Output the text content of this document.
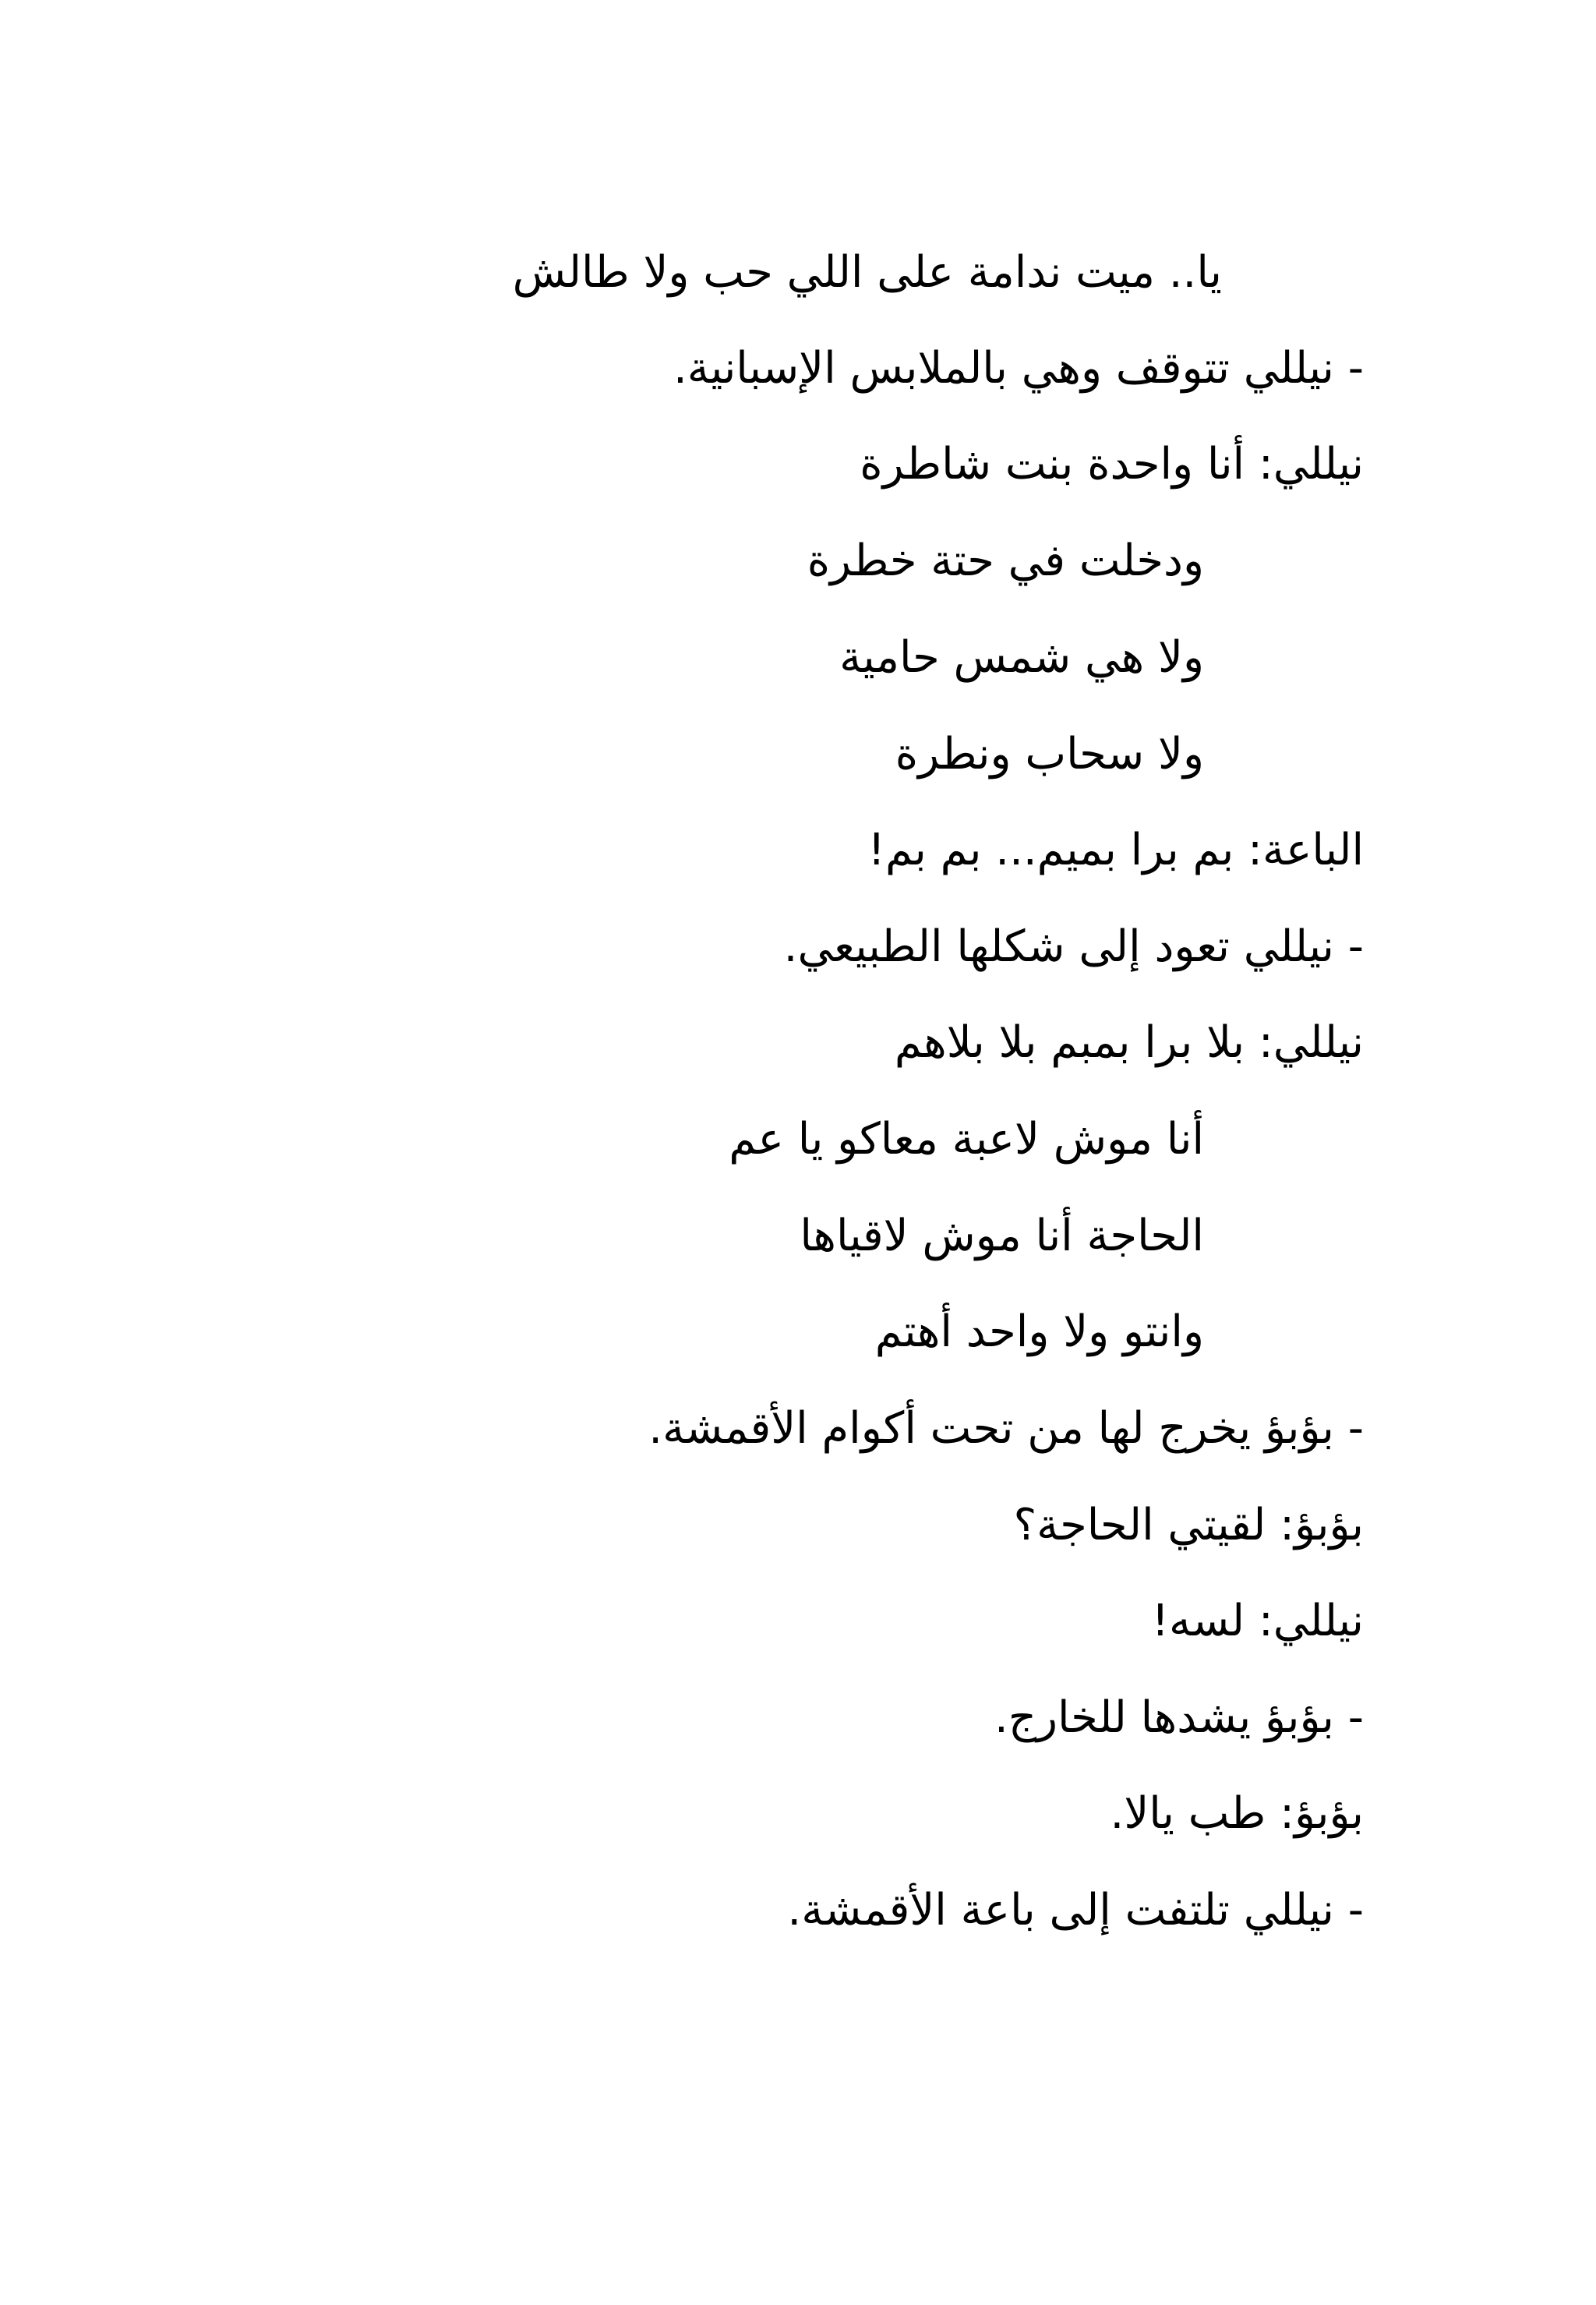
يا.. ميت ندامة على اللي حب ولا طالش
- نيللي تتوقف وهي بالملابس الإسبانية.
نيللي: أنا واحدة بنت شاطرة
ودخلت في حتة خطرة
ولا هي شمس حامية
ولا سحاب ونطرة
الباعة: بم برا بميم... بم بم!
- نيللي تعود إلى شكلها الطبيعي.
نيللي: بلا برا بمبم بلا بلاهم
أنا موش لاعبة معاكو يا عم
الحاجة أنا موش لاقياها
وانتو ولا واحد أهتم
- بؤبؤ يخرج لها من تحت أكوام الأقمشة.
بؤبؤ: لقيتي الحاجة؟
نيللي: لسه!
- بؤبؤ يشدها للخارج.
بؤبؤ: طب يالا.
- نيللي تلتفت إلى باعة الأقمشة.
